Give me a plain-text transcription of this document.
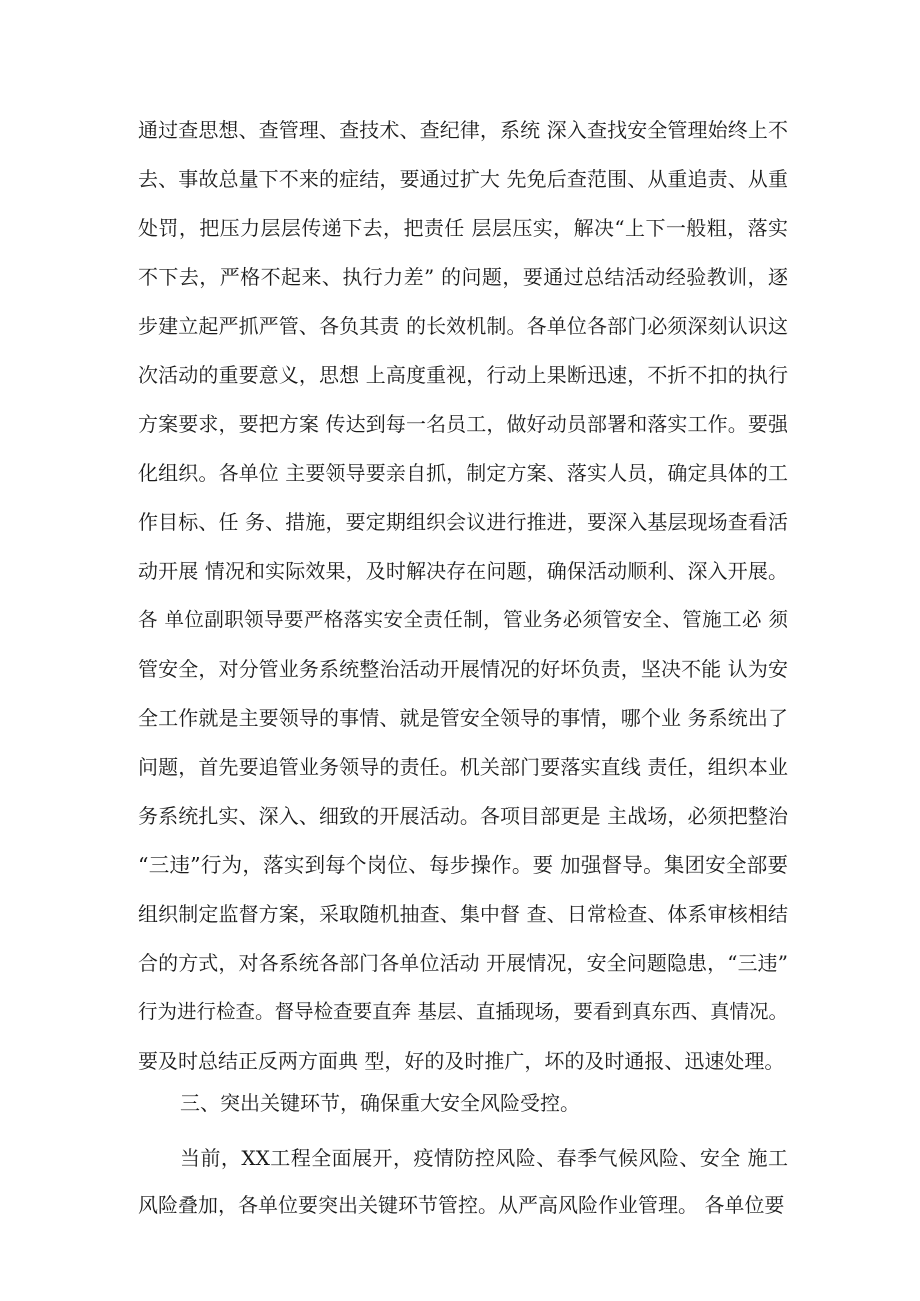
通过查思想、查管理、查技术、查纪律，系统 深入查找安全管理始终上不
去、事故总量下不来的症结，要通过扩大 先免后查范围、从重追责、从重
处罚，把压力层层传递下去，把责任 层层压实，解决“上下一般粗，落实
不下去，严格不起来、执行力差” 的问题，要通过总结活动经验教训，逐
步建立起严抓严管、各负其责 的长效机制。各单位各部门必须深刻认识这
次活动的重要意义，思想 上高度重视，行动上果断迅速，不折不扣的执行
方案要求，要把方案 传达到每一名员工，做好动员部署和落实工作。要强
化组织。各单位 主要领导要亲自抓，制定方案、落实人员，确定具体的工
作目标、任 务、措施，要定期组织会议进行推进，要深入基层现场查看活
动开展 情况和实际效果，及时解决存在问题，确保活动顺利、深入开展。
各 单位副职领导要严格落实安全责任制，管业务必须管安全、管施工必 须
管安全，对分管业务系统整治活动开展情况的好坏负责，坚决不能 认为安
全工作就是主要领导的事情、就是管安全领导的事情，哪个业 务系统出了
问题，首先要追管业务领导的责任。机关部门要落实直线 责任，组织本业
务系统扎实、深入、细致的开展活动。各项目部更是 主战场，必须把整治
“三违”行为，落实到每个岗位、每步操作。要 加强督导。集团安全部要
组织制定监督方案，采取随机抽查、集中督 查、日常检查、体系审核相结
合的方式，对各系统各部门各单位活动 开展情况，安全问题隐患，“三违”
行为进行检查。督导检查要直奔 基层、直插现场，要看到真东西、真情况。
要及时总结正反两方面典 型，好的及时推广，坏的及时通报、迅速处理。
三、突出关键环节，确保重大安全风险受控。
当前，XX工程全面展开，疫情防控风险、春季气候风险、安全 施工
风险叠加，各单位要突出关键环节管控。从严高风险作业管理。 各单位要
